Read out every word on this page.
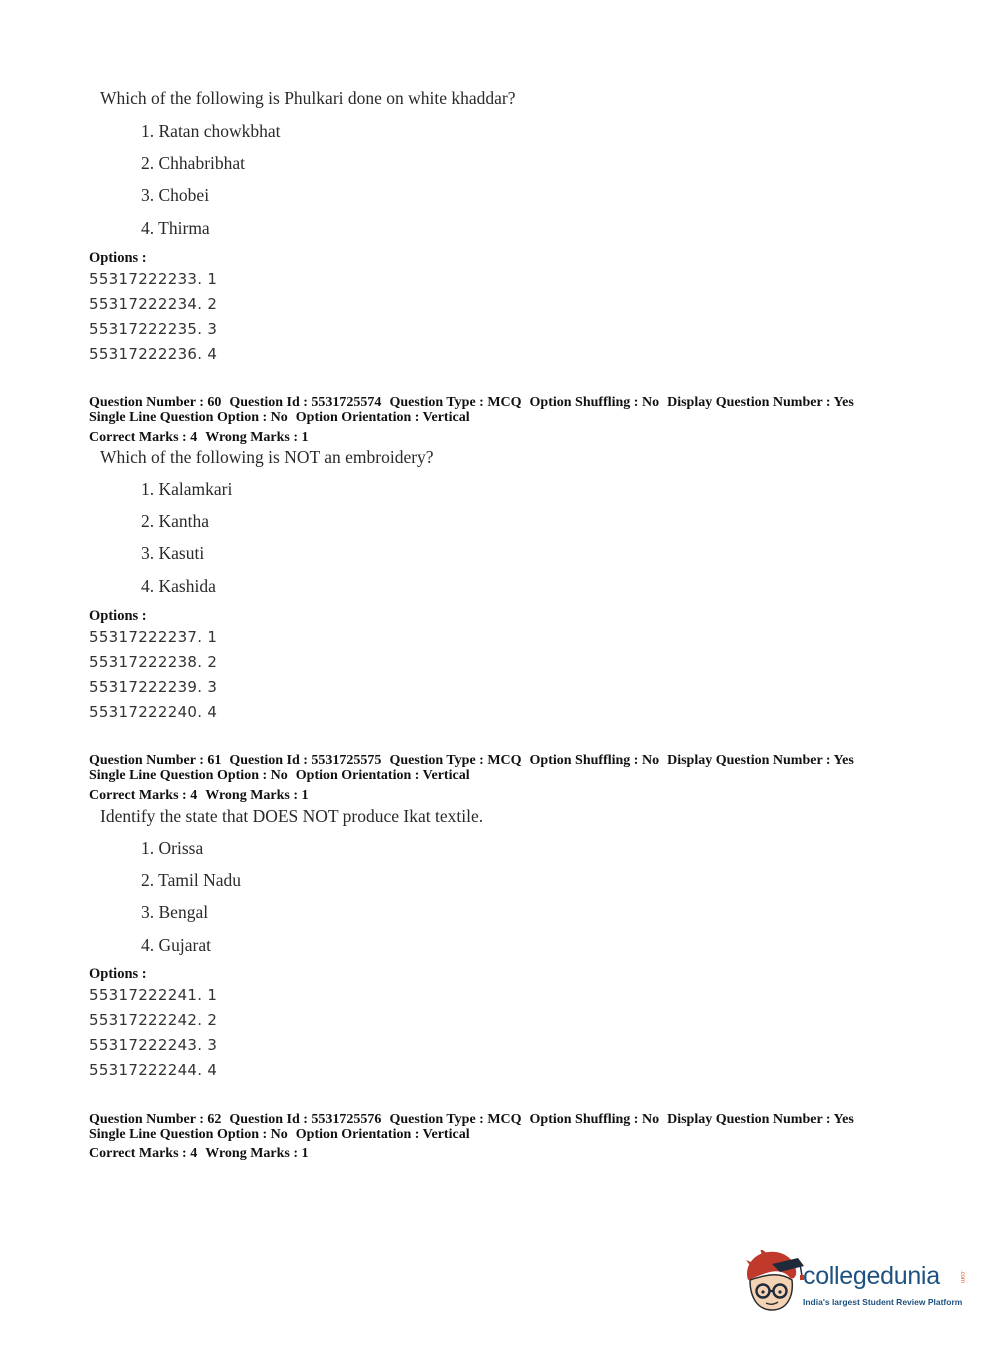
Which of the following is Phulkari done on white khaddar?
1. Ratan chowkbhat
2. Chhabribhat
3. Chobei
4. Thirma
Options :
55317222233. 1
55317222234. 2
55317222235. 3
55317222236. 4
Question Number : 60 Question Id : 5531725574 Question Type : MCQ Option Shuffling : No Display Question Number : Yes
Single Line Question Option : No Option Orientation : Vertical
Correct Marks : 4 Wrong Marks : 1
Which of the following is NOT an embroidery?
1. Kalamkari
2. Kantha
3. Kasuti
4. Kashida
Options :
55317222237. 1
55317222238. 2
55317222239. 3
55317222240. 4
Question Number : 61 Question Id : 5531725575 Question Type : MCQ Option Shuffling : No Display Question Number : Yes
Single Line Question Option : No Option Orientation : Vertical
Correct Marks : 4 Wrong Marks : 1
Identify the state that DOES NOT produce Ikat textile.
1. Orissa
2. Tamil Nadu
3. Bengal
4. Gujarat
Options :
55317222241. 1
55317222242. 2
55317222243. 3
55317222244. 4
Question Number : 62 Question Id : 5531725576 Question Type : MCQ Option Shuffling : No Display Question Number : Yes
Single Line Question Option : No Option Orientation : Vertical
Correct Marks : 4 Wrong Marks : 1
collegedunia	.com
India's largest Student Review Platform
